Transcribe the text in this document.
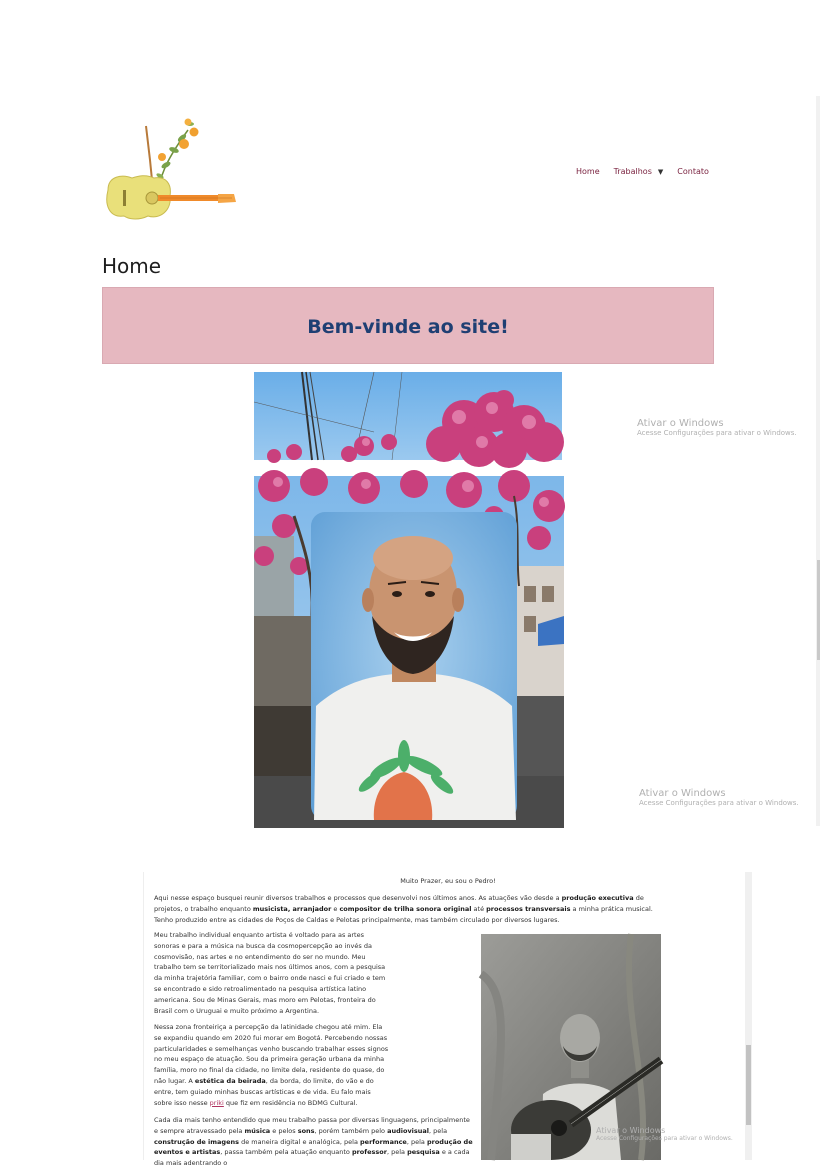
Home Trabalhos ▼ Contato
Home
Bem-vinde ao site!
Ativar o Windows
Acesse Configurações para ativar o Windows.
Ativar o Windows
Acesse Configurações para ativar o Windows.
Muito Prazer, eu sou o Pedro!
Aqui nesse espaço busquei reunir diversos trabalhos e processos que desenvolvi nos últimos anos. As atuações vão desde a produção executiva de projetos, o trabalho enquanto musicista, arranjador e compositor de trilha sonora original até processos transversais a minha prática musical. Tenho produzido entre as cidades de Poços de Caldas e Pelotas principalmente, mas também circulado por diversos lugares.
Meu trabalho individual enquanto artista é voltado para as artes sonoras e para a música na busca da cosmopercepção ao invés da cosmovisão, nas artes e no entendimento do ser no mundo. Meu trabalho tem se territorializado mais nos últimos anos, com a pesquisa da minha trajetória familiar, com o bairro onde nasci e fui criado e tem se encontrado e sido retroalimentado na pesquisa artística latino americana. Sou de Minas Gerais, mas moro em Pelotas, fronteira do Brasil com o Uruguai e muito próximo a Argentina.
Nessa zona fronteiriça a percepção da latinidade chegou até mim. Ela se expandiu quando em 2020 fui morar em Bogotá. Percebendo nossas particularidades e semelhanças venho buscando trabalhar esses signos no meu espaço de atuação. Sou da primeira geração urbana da minha família, moro no final da cidade, no limite dela, residente do quase, do não lugar. A estética da beirada, da borda, do limite, do vão e do entre, tem guiado minhas buscas artísticas e de vida. Eu falo mais sobre isso nesse priki que fiz em residência no BDMG Cultural.
Cada dia mais tenho entendido que meu trabalho passa por diversas linguagens, principalmente e sempre atravessado pela música e pelos sons, porém também pelo audiovisual, pela construção de imagens de maneira digital e analógica, pela performance, pela produção de eventos e artistas, passa também pela atuação enquanto professor, pela pesquisa e a cada dia mais adentrando o
Ativar o Windows
Acesse Configurações para ativar o Windows.
